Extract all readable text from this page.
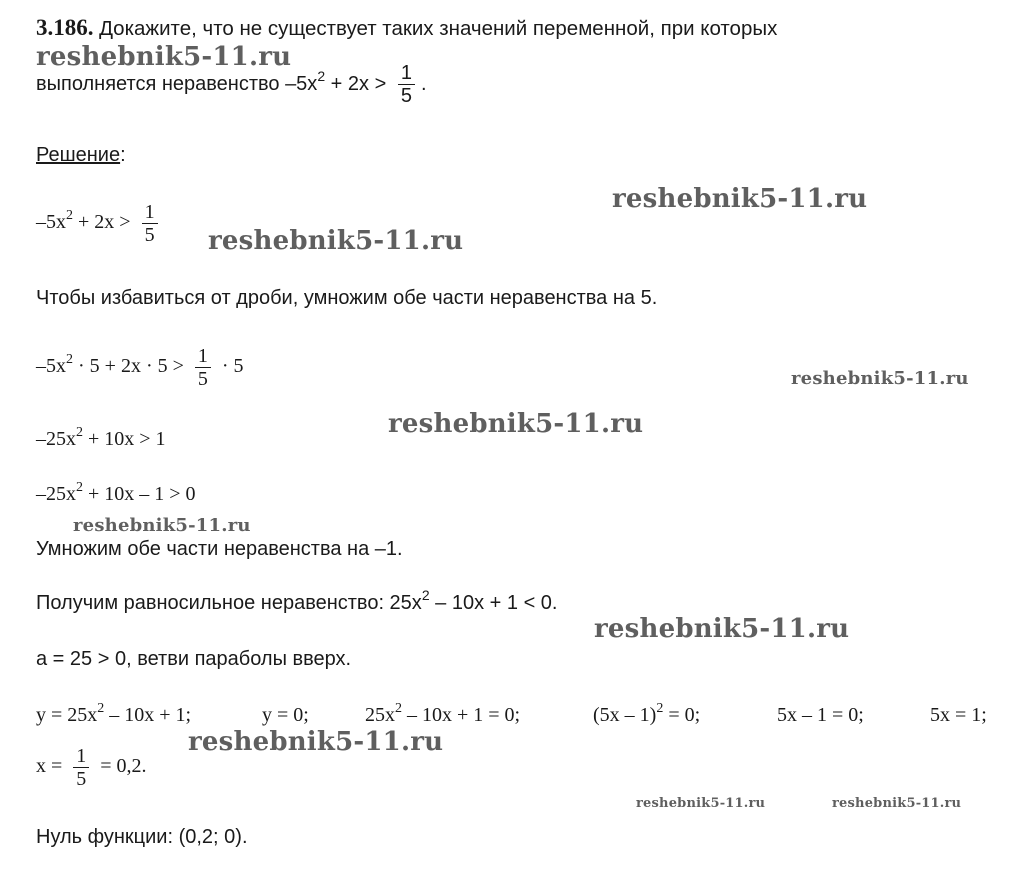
3.186. Докажите, что не существует таких значений переменной, при которых
выполняется неравенство $-5x^2 + 2x > \frac{1}{5}$ .
Решение:
$-5x^2 + 2x > \frac{1}{5}$
Чтобы избавиться от дроби, умножим обе части неравенства на 5.
$-5x^2 \cdot 5 + 2x \cdot 5 > \frac{1}{5} \cdot 5$
$-25x^2 + 10x > 1$
$-25x^2 + 10x - 1 > 0$
Умножим обе части неравенства на –1.
Получим равносильное неравенство: $25x^2 - 10x + 1 < 0$.
а = 25 > 0, ветви параболы вверх.
$y = 25x^2 - 10x + 1$;	y = 0;	$25x^2 - 10x + 1 = 0$;	(5x – 1)$^2$ = 0;	5x – 1 = 0;	5x = 1;
$x = \frac{1}{5} = 0,2$.
Нуль функции: (0,2; 0).
reshebnik5-11.ru
reshebnik5-11.ru
reshebnik5-11.ru
reshebnik5-11.ru
reshebnik5-11.ru
reshebnik5-11.ru
reshebnik5-11.ru
reshebnik5-11.ru
reshebnik5-11.ru	reshebnik5-11.ru
